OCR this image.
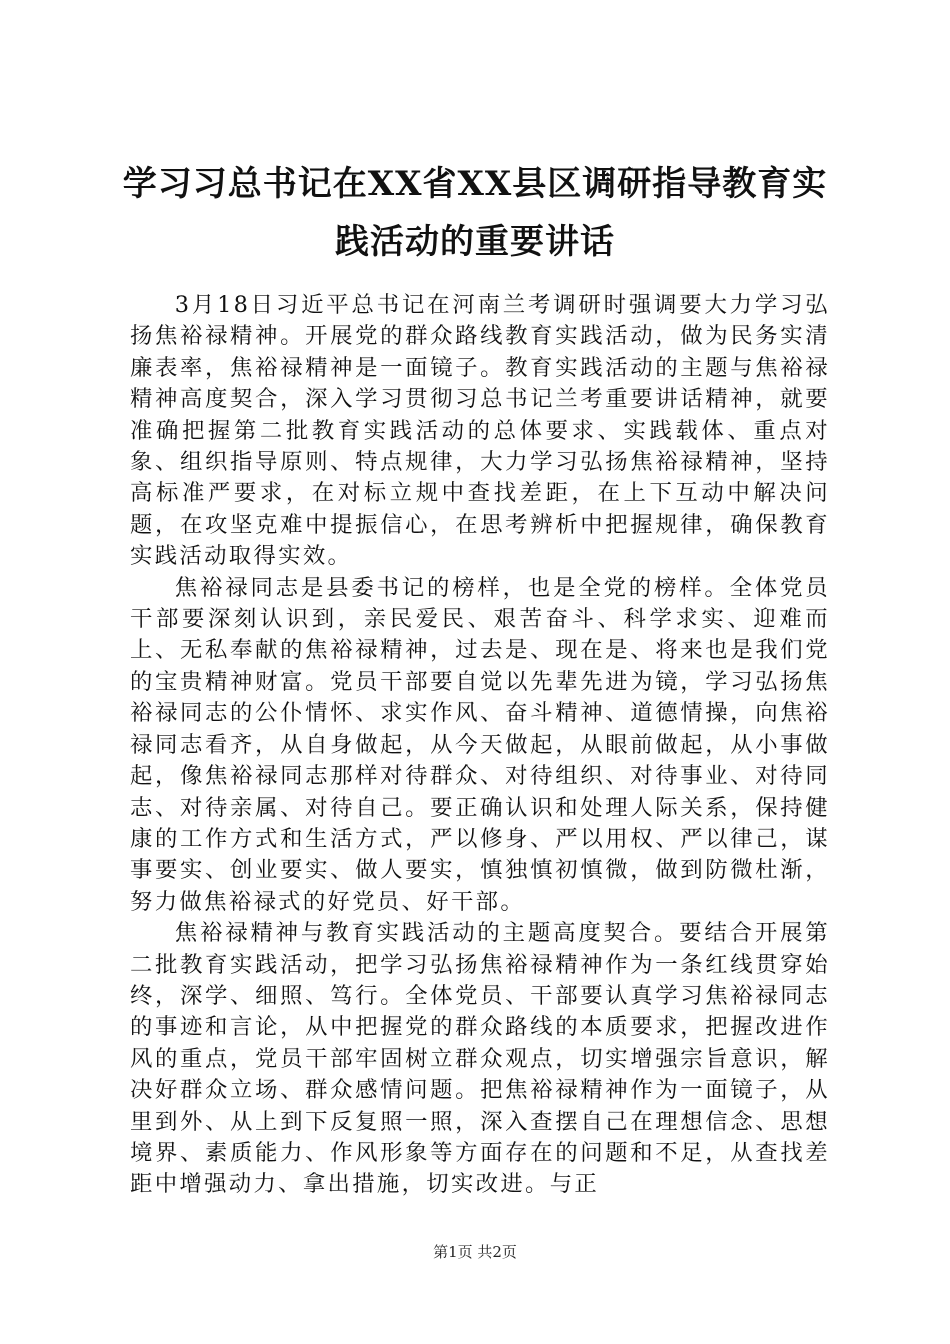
学习习总书记在XX省XX县区调研指导教育实
践活动的重要讲话

3月18日习近平总书记在河南兰考调研时强调要大力学习弘扬焦裕禄精神。开展党的群众路线教育实践活动，做为民务实清廉表率，焦裕禄精神是一面镜子。教育实践活动的主题与焦裕禄精神高度契合，深入学习贯彻习总书记兰考重要讲话精神，就要准确把握第二批教育实践活动的总体要求、实践载体、重点对象、组织指导原则、特点规律，大力学习弘扬焦裕禄精神，坚持高标准严要求，在对标立规中查找差距，在上下互动中解决问题，在攻坚克难中提振信心，在思考辨析中把握规律，确保教育实践活动取得实效。

焦裕禄同志是县委书记的榜样，也是全党的榜样。全体党员干部要深刻认识到，亲民爱民、艰苦奋斗、科学求实、迎难而上、无私奉献的焦裕禄精神，过去是、现在是、将来也是我们党的宝贵精神财富。党员干部要自觉以先辈先进为镜，学习弘扬焦裕禄同志的公仆情怀、求实作风、奋斗精神、道德情操，向焦裕禄同志看齐，从自身做起，从今天做起，从眼前做起，从小事做起，像焦裕禄同志那样对待群众、对待组织、对待事业、对待同志、对待亲属、对待自己。要正确认识和处理人际关系，保持健康的工作方式和生活方式，严以修身、严以用权、严以律己，谋事要实、创业要实、做人要实，慎独慎初慎微，做到防微杜渐，努力做焦裕禄式的好党员、好干部。

焦裕禄精神与教育实践活动的主题高度契合。要结合开展第二批教育实践活动，把学习弘扬焦裕禄精神作为一条红线贯穿始终，深学、细照、笃行。全体党员、干部要认真学习焦裕禄同志的事迹和言论，从中把握党的群众路线的本质要求，把握改进作风的重点，党员干部牢固树立群众观点，切实增强宗旨意识，解决好群众立场、群众感情问题。把焦裕禄精神作为一面镜子，从里到外、从上到下反复照一照，深入查摆自己在理想信念、思想境界、素质能力、作风形象等方面存在的问题和不足，从查找差距中增强动力、拿出措施，切实改进。与正

第1页 共2页
